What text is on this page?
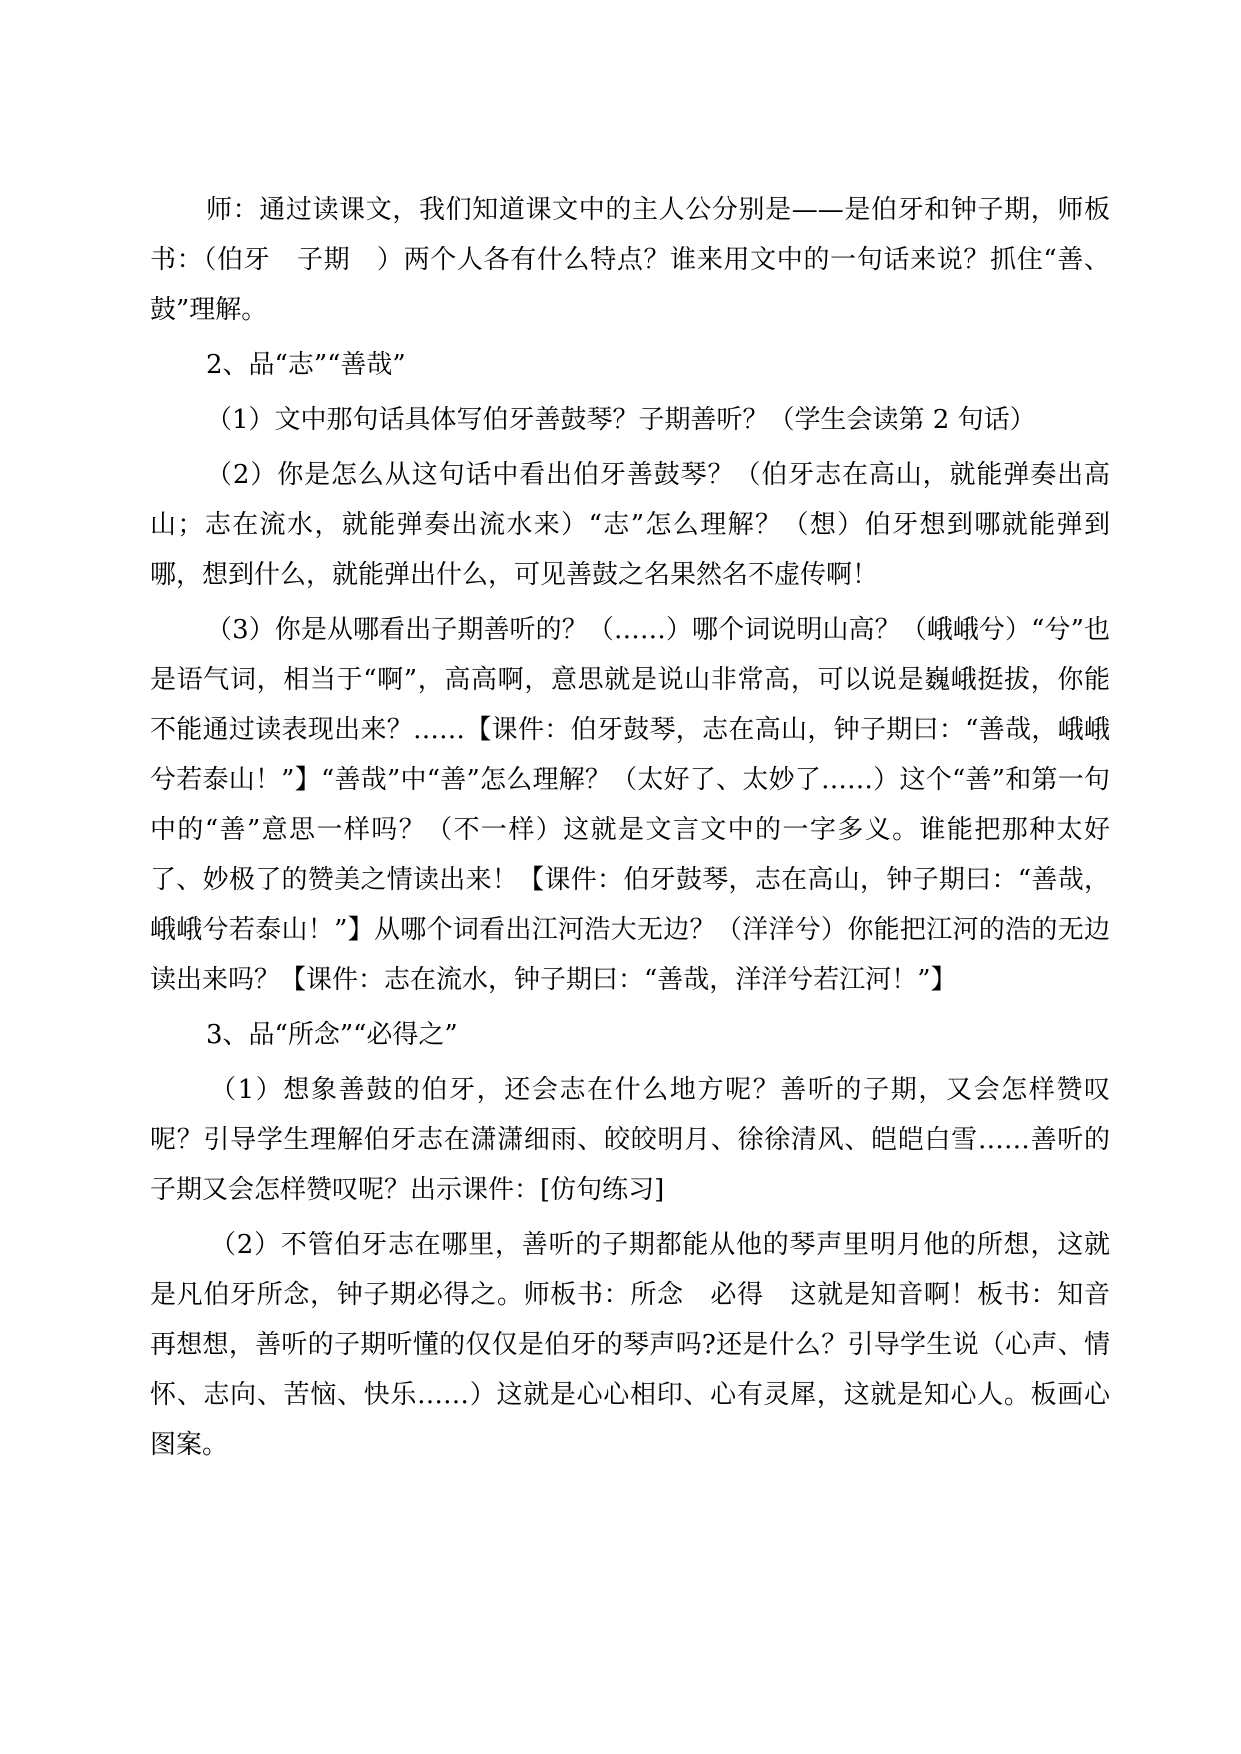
师：通过读课文，我们知道课文中的主人公分别是——是伯牙和钟子期，师板书：（伯牙　子期　）两个人各有什么特点？谁来用文中的一句话来说？抓住“善、鼓”理解。

2、品“志”“善哉”

（1）文中那句话具体写伯牙善鼓琴？子期善听？（学生会读第 2 句话）

（2）你是怎么从这句话中看出伯牙善鼓琴？（伯牙志在高山，就能弹奏出高山；志在流水，就能弹奏出流水来）“志”怎么理解？（想）伯牙想到哪就能弹到哪，想到什么，就能弹出什么，可见善鼓之名果然名不虚传啊！

（3）你是从哪看出子期善听的？（……）哪个词说明山高？（峨峨兮）“兮”也是语气词，相当于“啊”，高高啊，意思就是说山非常高，可以说是巍峨挺拔，你能不能通过读表现出来？……【课件：伯牙鼓琴，志在高山，钟子期曰：“善哉，峨峨兮若泰山！”】“善哉”中“善”怎么理解？（太好了、太妙了……）这个“善”和第一句中的“善”意思一样吗？（不一样）这就是文言文中的一字多义。谁能把那种太好了、妙极了的赞美之情读出来！【课件：伯牙鼓琴，志在高山，钟子期曰：“善哉，峨峨兮若泰山！”】从哪个词看出江河浩大无边？（洋洋兮）你能把江河的浩的无边读出来吗？【课件：志在流水，钟子期曰：“善哉，洋洋兮若江河！”】

3、品“所念”“必得之”

（1）想象善鼓的伯牙，还会志在什么地方呢？善听的子期，又会怎样赞叹呢？引导学生理解伯牙志在潇潇细雨、皎皎明月、徐徐清风、皑皑白雪……善听的子期又会怎样赞叹呢？出示课件：[仿句练习]

（2）不管伯牙志在哪里，善听的子期都能从他的琴声里明月他的所想，这就是凡伯牙所念，钟子期必得之。师板书：所念　必得　这就是知音啊！板书：知音　再想想，善听的子期听懂的仅仅是伯牙的琴声吗?还是什么？引导学生说（心声、情怀、志向、苦恼、快乐……）这就是心心相印、心有灵犀，这就是知心人。板画心图案。
